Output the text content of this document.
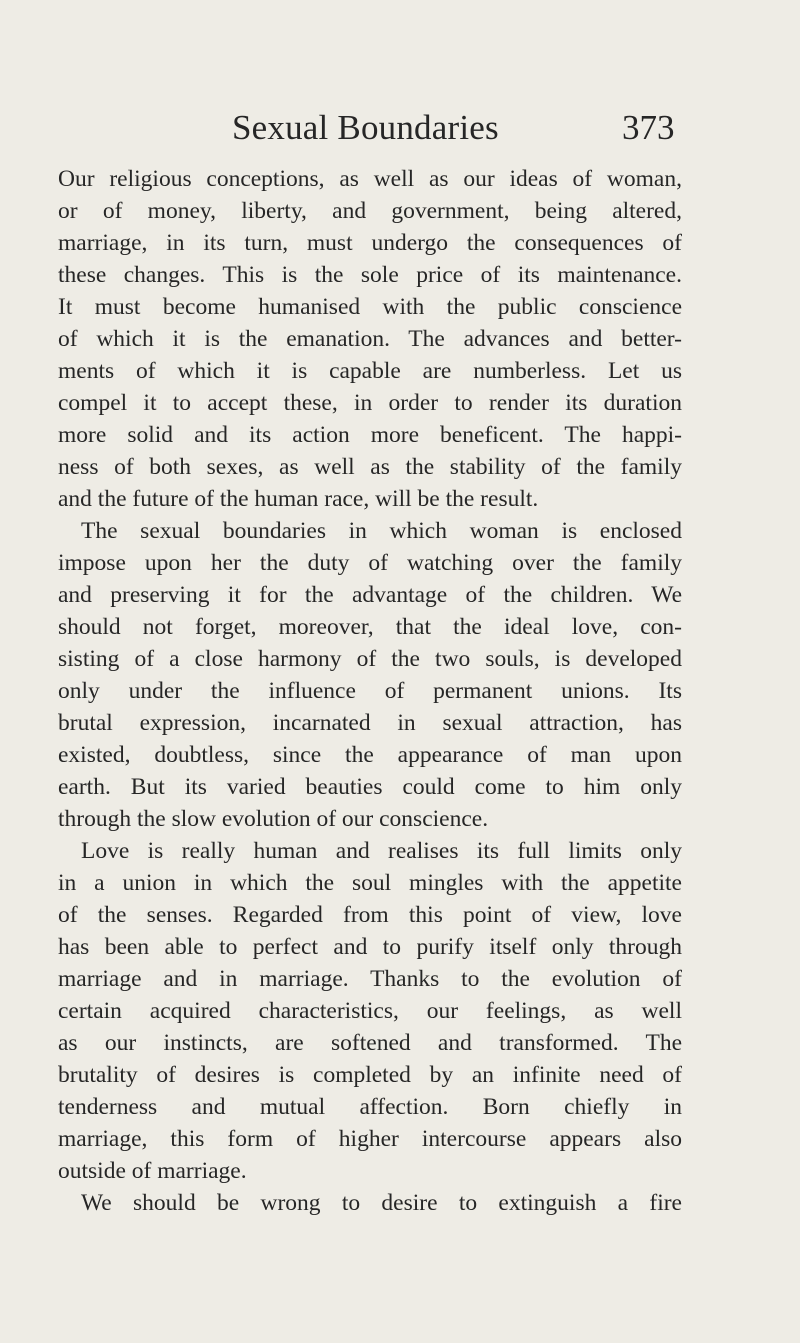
Sexual Boundaries	373
Our religious conceptions, as well as our ideas of woman,
or of money, liberty, and government, being altered,
marriage, in its turn, must undergo the consequences of
these changes. This is the sole price of its maintenance.
It must become humanised with the public conscience
of which it is the emanation. The advances and better-
ments of which it is capable are numberless. Let us
compel it to accept these, in order to render its duration
more solid and its action more beneficent. The happi-
ness of both sexes, as well as the stability of the family
and the future of the human race, will be the result.
The sexual boundaries in which woman is enclosed
impose upon her the duty of watching over the family
and preserving it for the advantage of the children. We
should not forget, moreover, that the ideal love, con-
sisting of a close harmony of the two souls, is developed
only under the influence of permanent unions. Its
brutal expression, incarnated in sexual attraction, has
existed, doubtless, since the appearance of man upon
earth. But its varied beauties could come to him only
through the slow evolution of our conscience.
Love is really human and realises its full limits only
in a union in which the soul mingles with the appetite
of the senses. Regarded from this point of view, love
has been able to perfect and to purify itself only through
marriage and in marriage. Thanks to the evolution of
certain acquired characteristics, our feelings, as well
as our instincts, are softened and transformed. The
brutality of desires is completed by an infinite need of
tenderness and mutual affection. Born chiefly in
marriage, this form of higher intercourse appears also
outside of marriage.
We should be wrong to desire to extinguish a fire
